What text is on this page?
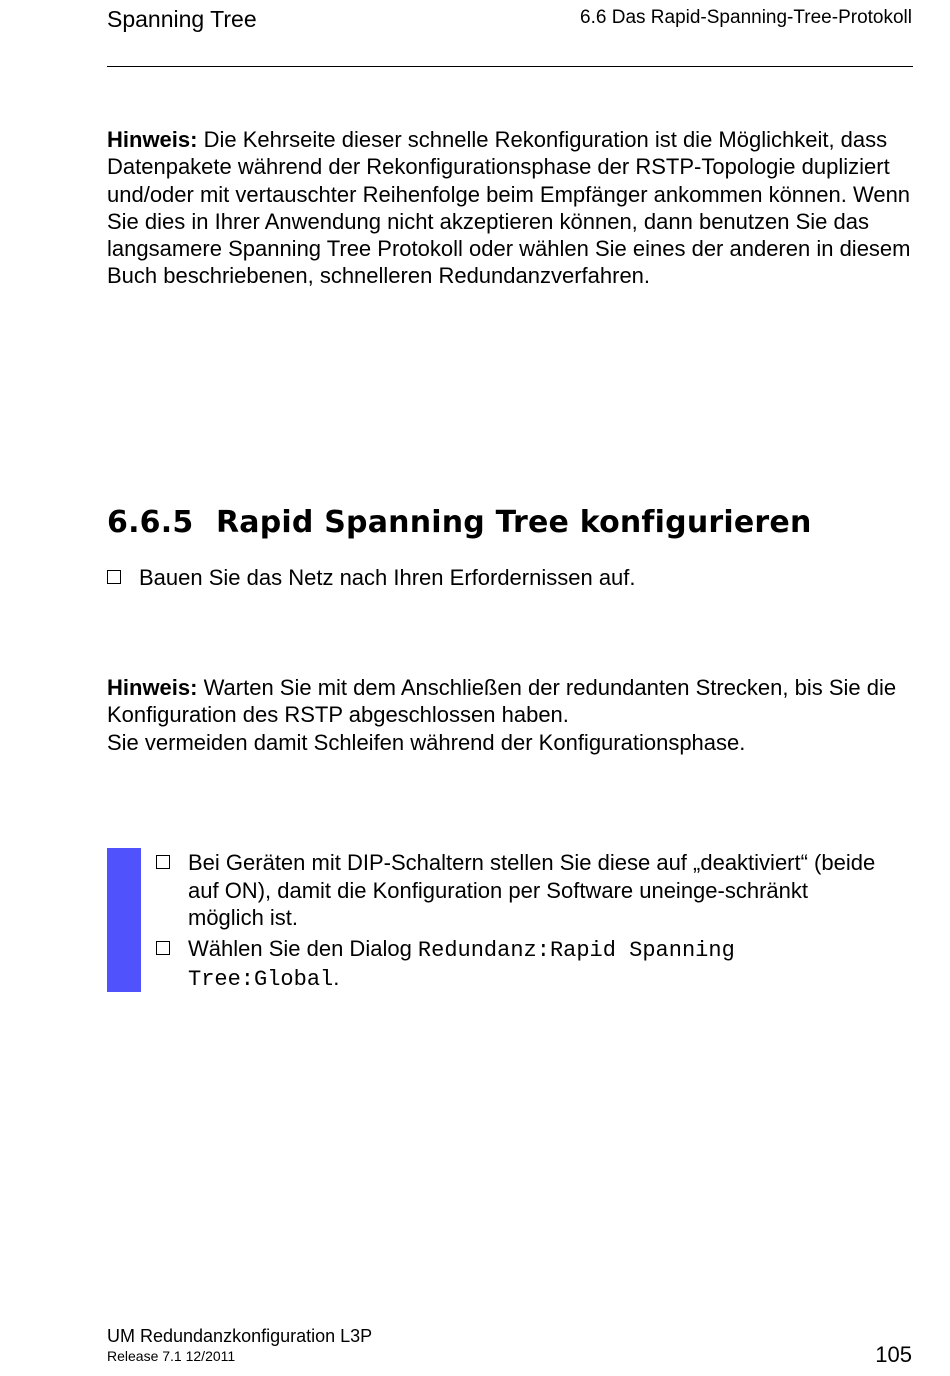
Spanning Tree	6.6 Das Rapid-Spanning-Tree-Protokoll
Hinweis: Die Kehrseite dieser schnelle Rekonfiguration ist die Möglichkeit, dass Datenpakete während der Rekonfigurationsphase der RSTP-Topologie dupliziert und/oder mit vertauschter Reihenfolge beim Empfänger ankommen können. Wenn Sie dies in Ihrer Anwendung nicht akzeptieren können, dann benutzen Sie das langsamere Spanning Tree Protokoll oder wählen Sie eines der anderen in diesem Buch beschriebenen, schnelleren Redundanzverfahren.
6.6.5 Rapid Spanning Tree konfigurieren
Bauen Sie das Netz nach Ihren Erfordernissen auf.
Hinweis: Warten Sie mit dem Anschließen der redundanten Strecken, bis Sie die Konfiguration des RSTP abgeschlossen haben.
Sie vermeiden damit Schleifen während der Konfigurationsphase.
Bei Geräten mit DIP-Schaltern stellen Sie diese auf „deaktiviert“ (beide auf ON), damit die Konfiguration per Software uneinge-schränkt möglich ist.
Wählen Sie den Dialog Redundanz:Rapid Spanning Tree:Global.
UM Redundanzkonfiguration L3P
Release 7.1 12/2011	105
